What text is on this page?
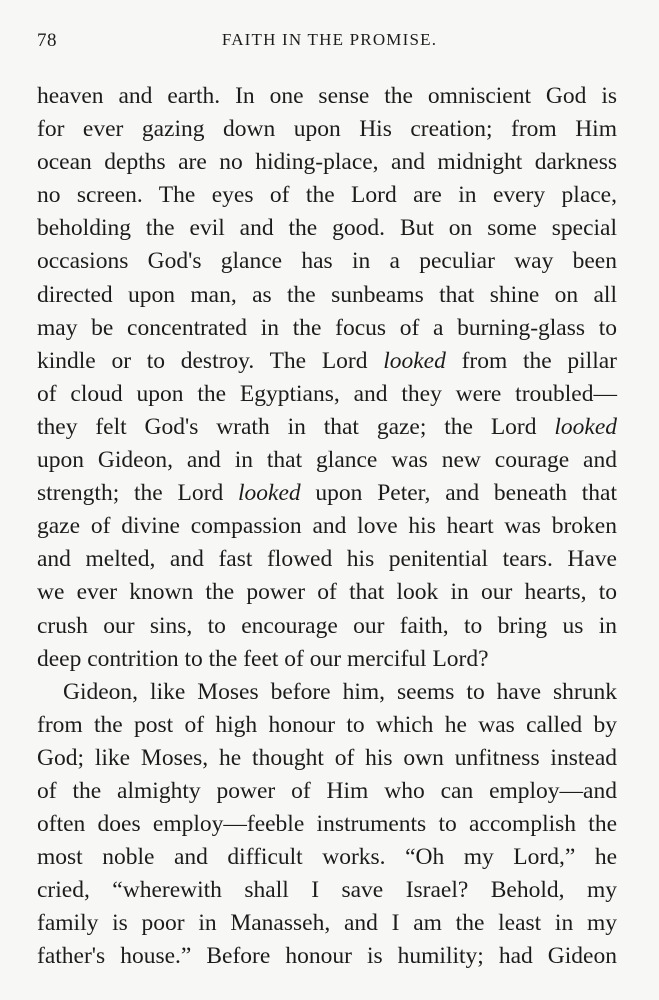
78	FAITH IN THE PROMISE.
heaven and earth. In one sense the omniscient God is
for ever gazing down upon His creation; from Him
ocean depths are no hiding-place, and midnight darkness
no screen. The eyes of the Lord are in every place,
beholding the evil and the good. But on some special
occasions God's glance has in a peculiar way been
directed upon man, as the sunbeams that shine on all
may be concentrated in the focus of a burning-glass to
kindle or to destroy. The Lord looked from the pillar
of cloud upon the Egyptians, and they were troubled—
they felt God's wrath in that gaze; the Lord looked
upon Gideon, and in that glance was new courage and
strength; the Lord looked upon Peter, and beneath that
gaze of divine compassion and love his heart was broken
and melted, and fast flowed his penitential tears. Have
we ever known the power of that look in our hearts, to
crush our sins, to encourage our faith, to bring us in
deep contrition to the feet of our merciful Lord?
Gideon, like Moses before him, seems to have shrunk
from the post of high honour to which he was called by
God; like Moses, he thought of his own unfitness instead
of the almighty power of Him who can employ—and
often does employ—feeble instruments to accomplish the
most noble and difficult works. “Oh my Lord,” he
cried, “wherewith shall I save Israel? Behold, my
family is poor in Manasseh, and I am the least in my
father's house.” Before honour is humility; had Gideon
